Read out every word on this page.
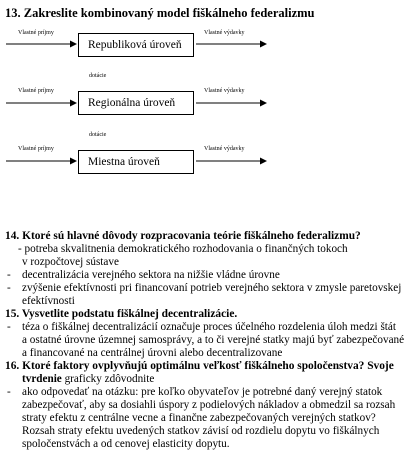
13. Zakreslite kombinovaný model fiškálneho federalizmu
Vlastné príjmy	Vlastné výdavky
Republiková úroveň
dotácie
Vlastné príjmy	Vlastné výdavky
Regionálna úroveň
dotácie
Vlastné príjmy	Vlastné výdavky
Miestna úroveň
14. Ktoré sú hlavné dôvody rozpracovania teórie fiškálneho federalizmu?
- potreba skvalitnenia demokratického rozhodovania o finančných tokoch
v rozpočtovej sústave
- decentralizácia verejného sektora na nižšie vládne úrovne
- zvýšenie efektívnosti pri financovaní potrieb verejného sektora v zmysle paretovskej
efektívnosti
15. Vysvetlite podstatu fiškálnej decentralizácie.
- téza o fiškálnej decentralizácií označuje proces účelného rozdelenia úloh medzi štát
a ostatné úrovne územnej samosprávy, a to či verejné statky majú byť zabezpečované
a financované na centrálnej úrovni alebo decentralizovane
16. Ktoré faktory ovplyvňujú optimálnu veľkosť fiškálneho spoločenstva? Svoje
tvrdenie graficky zdôvodnite
- ako odpovedať na otázku: pre koľko obyvateľov je potrebné daný verejný statok
zabezpečovať, aby sa dosiahli úspory z podielových nákladov a obmedzil sa rozsah
straty efektu z centrálne vecne a finančne zabezpečovaných verejných statkov?
Rozsah straty efektu uvedených statkov závisí od rozdielu dopytu vo fiškálnych
spoločenstvách a od cenovej elasticity dopytu.
